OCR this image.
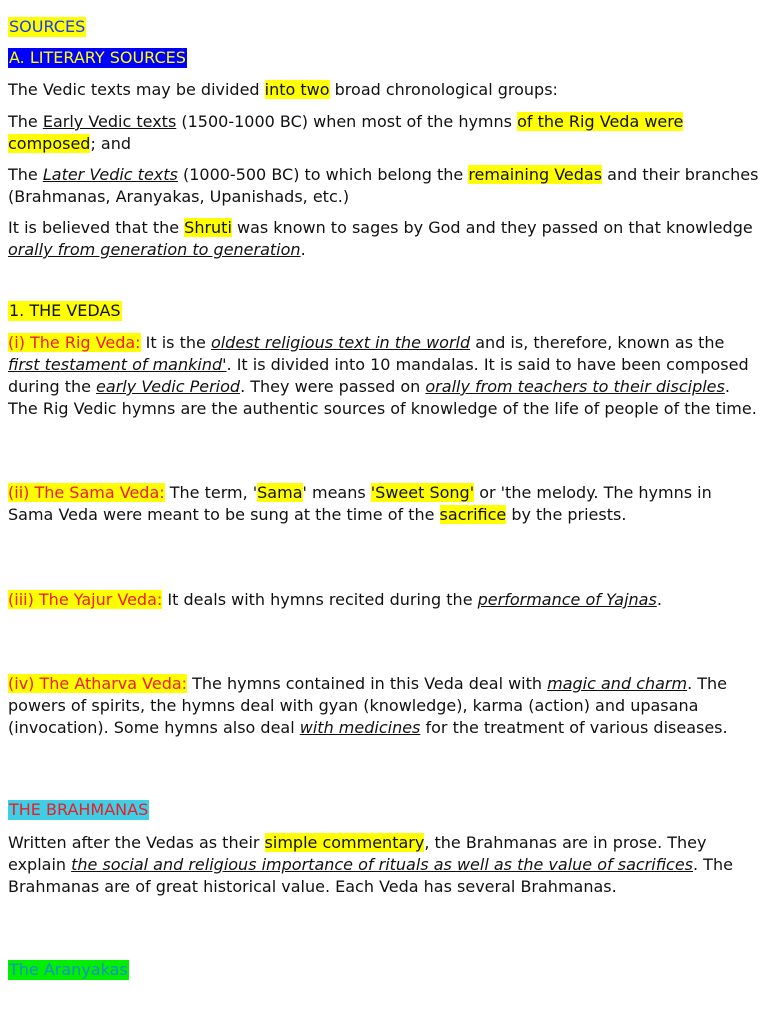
SOURCES
A. LITERARY SOURCES

The Vedic texts may be divided into two broad chronological groups:

The Early Vedic texts (1500-1000 BC) when most of the hymns of the Rig Veda were composed; and

The Later Vedic texts (1000-500 BC) to which belong the remaining Vedas and their branches (Brahmanas, Aranyakas, Upanishads, etc.)

It is believed that the Shruti was known to sages by God and they passed on that knowledge orally from generation to generation.

1. THE VEDAS

(i) The Rig Veda: It is the oldest religious text in the world and is, therefore, known as the first testament of mankind'. It is divided into 10 mandalas. It is said to have been composed during the early Vedic Period. They were passed on orally from teachers to their disciples. The Rig Vedic hymns are the authentic sources of knowledge of the life of people of the time.

(ii) The Sama Veda: The term, 'Sama' means 'Sweet Song' or 'the melody. The hymns in Sama Veda were meant to be sung at the time of the sacrifice by the priests.

(iii) The Yajur Veda: It deals with hymns recited during the performance of Yajnas.

(iv) The Atharva Veda: The hymns contained in this Veda deal with magic and charm. The powers of spirits, the hymns deal with gyan (knowledge), karma (action) and upasana (invocation). Some hymns also deal with medicines for the treatment of various diseases.

THE BRAHMANAS

Written after the Vedas as their simple commentary, the Brahmanas are in prose. They explain the social and religious importance of rituals as well as the value of sacrifices. The Brahmanas are of great historical value. Each Veda has several Brahmanas.

The Aranyakas
